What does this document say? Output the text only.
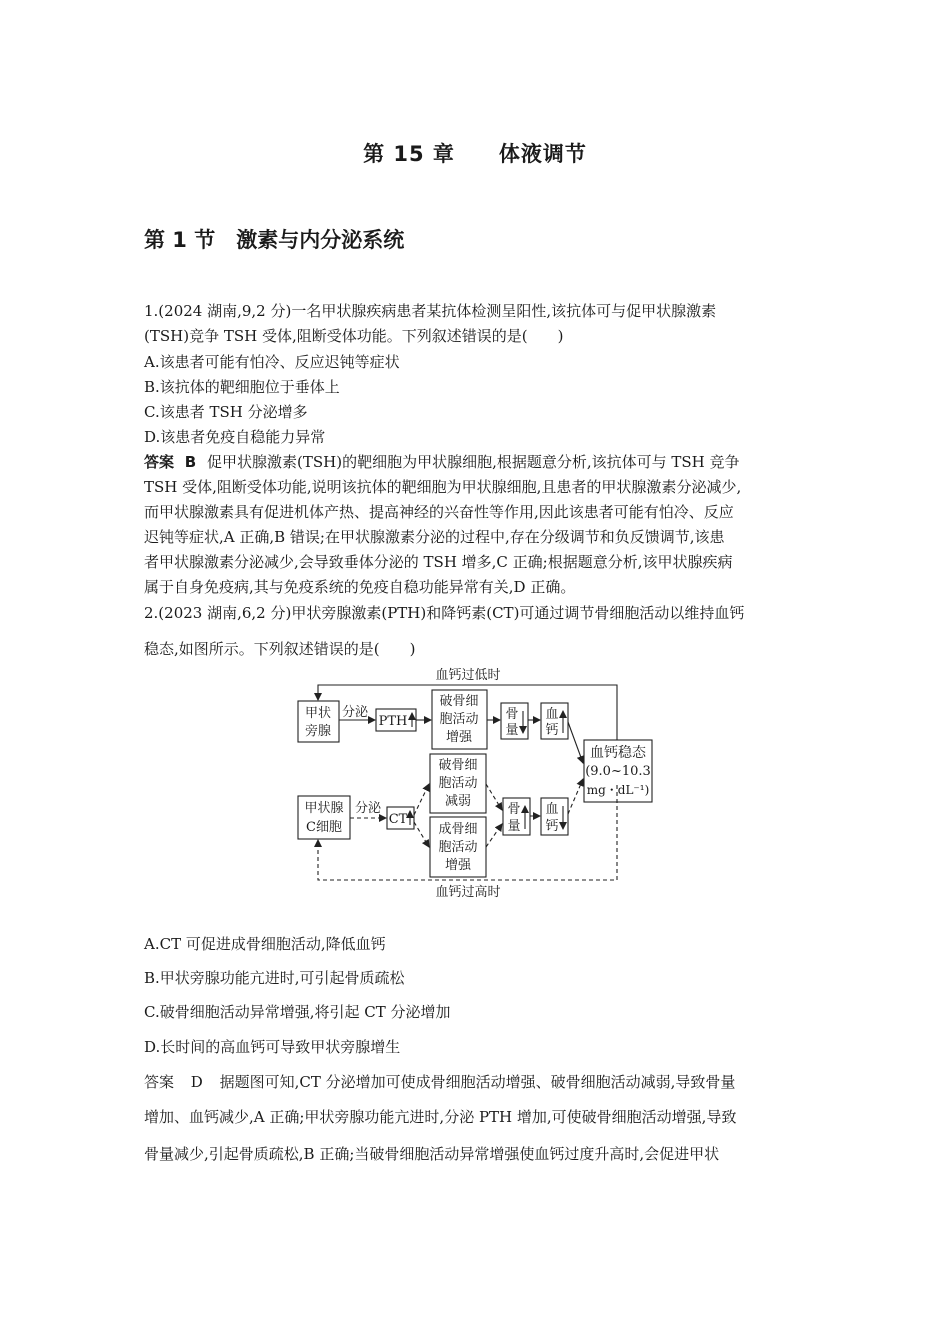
第 15 章　　体液调节
第 1 节　激素与内分泌系统
1.(2024 湖南,9,2 分)一名甲状腺疾病患者某抗体检测呈阳性,该抗体可与促甲状腺激素
(TSH)竞争 TSH 受体,阻断受体功能。下列叙述错误的是(　　)
A.该患者可能有怕冷、反应迟钝等症状
B.该抗体的靶细胞位于垂体上
C.该患者 TSH 分泌增多
D.该患者免疫自稳能力异常
答案 B 促甲状腺激素(TSH)的靶细胞为甲状腺细胞,根据题意分析,该抗体可与 TSH 竞争
TSH 受体,阻断受体功能,说明该抗体的靶细胞为甲状腺细胞,且患者的甲状腺激素分泌减少,
而甲状腺激素具有促进机体产热、提高神经的兴奋性等作用,因此该患者可能有怕冷、反应
迟钝等症状,A 正确,B 错误;在甲状腺激素分泌的过程中,存在分级调节和负反馈调节,该患
者甲状腺激素分泌减少,会导致垂体分泌的 TSH 增多,C 正确;根据题意分析,该甲状腺疾病
属于自身免疫病,其与免疫系统的免疫自稳功能异常有关,D 正确。
2.(2023 湖南,6,2 分)甲状旁腺激素(PTH)和降钙素(CT)可通过调节骨细胞活动以维持血钙
稳态,如图所示。下列叙述错误的是(　　)
血钙过低时
血钙过高时
甲状
旁腺
分泌
PTH
破骨细
胞活动
增强
骨
量
血
钙
血钙稳态
(9.0~10.3
mg・dL⁻¹)
甲状腺
C细胞
分泌
CT
破骨细
胞活动
减弱
成骨细
胞活动
增强
骨
量
血
钙
A.CT 可促进成骨细胞活动,降低血钙
B.甲状旁腺功能亢进时,可引起骨质疏松
C.破骨细胞活动异常增强,将引起 CT 分泌增加
D.长时间的高血钙可导致甲状旁腺增生
答案 D 据题图可知,CT 分泌增加可使成骨细胞活动增强、破骨细胞活动减弱,导致骨量
增加、血钙减少,A 正确;甲状旁腺功能亢进时,分泌 PTH 增加,可使破骨细胞活动增强,导致
骨量减少,引起骨质疏松,B 正确;当破骨细胞活动异常增强使血钙过度升高时,会促进甲状
